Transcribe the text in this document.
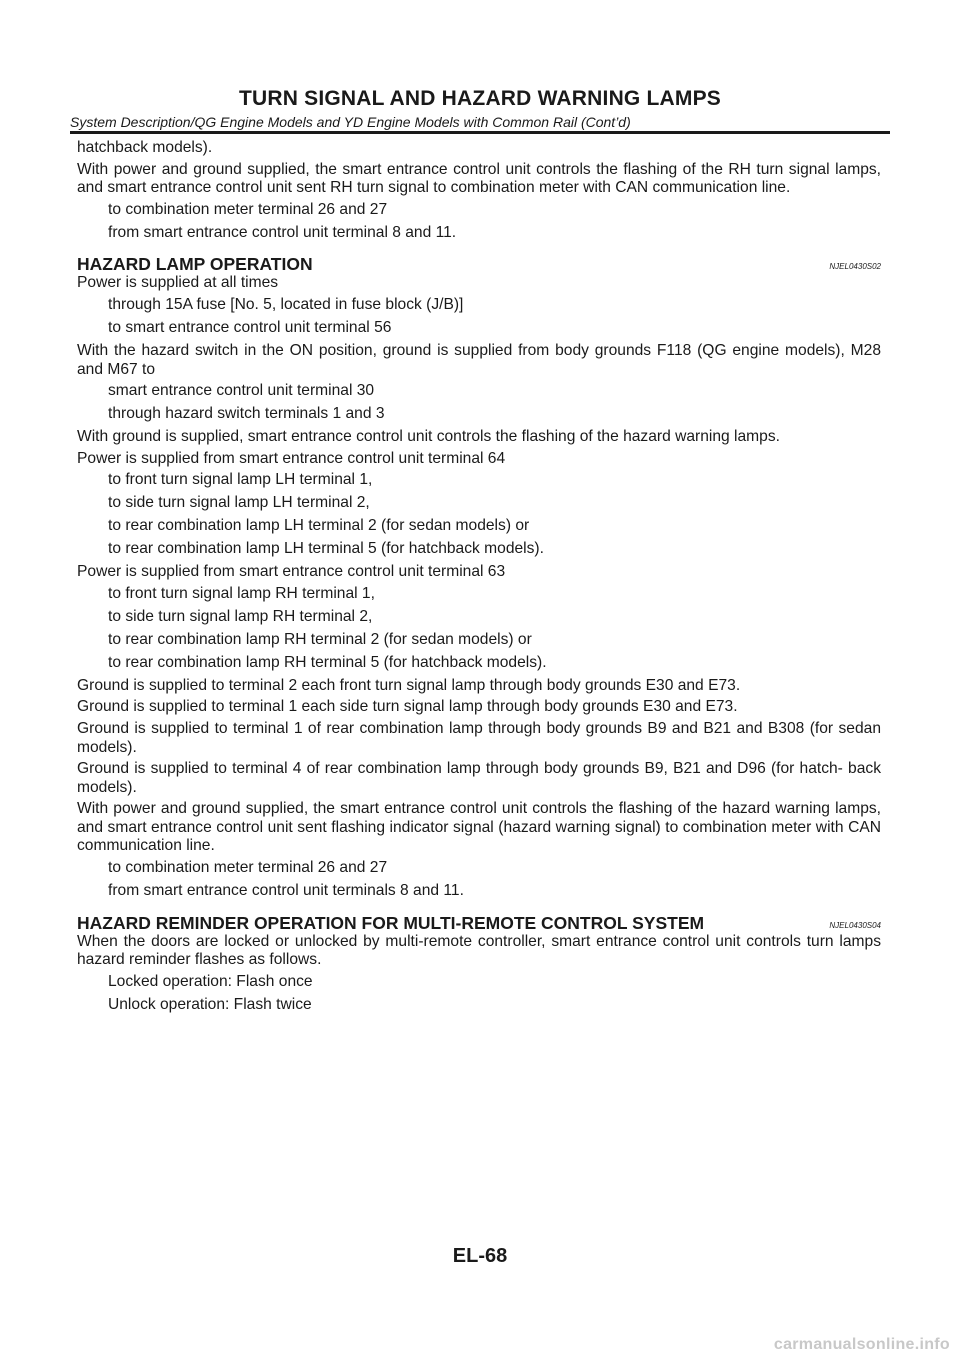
TURN SIGNAL AND HAZARD WARNING LAMPS
System Description/QG Engine Models and YD Engine Models with Common Rail (Cont’d)
hatchback models).
With power and ground supplied, the smart entrance control unit controls the flashing of the RH turn signal lamps, and smart entrance control unit sent RH turn signal to combination meter with CAN communication line.
to combination meter terminal 26 and 27
from smart entrance control unit terminal 8 and 11.
HAZARD LAMP OPERATION	NJEL0430S02
Power is supplied at all times
through 15A fuse [No. 5, located in fuse block (J/B)]
to smart entrance control unit terminal 56
With the hazard switch in the ON position, ground is supplied from body grounds F118 (QG engine models), M28 and M67 to
smart entrance control unit terminal 30
through hazard switch terminals 1 and 3
With ground is supplied, smart entrance control unit controls the flashing of the hazard warning lamps.
Power is supplied from smart entrance control unit terminal 64
to front turn signal lamp LH terminal 1,
to side turn signal lamp LH terminal 2,
to rear combination lamp LH terminal 2 (for sedan models) or
to rear combination lamp LH terminal 5 (for hatchback models).
Power is supplied from smart entrance control unit terminal 63
to front turn signal lamp RH terminal 1,
to side turn signal lamp RH terminal 2,
to rear combination lamp RH terminal 2 (for sedan models) or
to rear combination lamp RH terminal 5 (for hatchback models).
Ground is supplied to terminal 2 each front turn signal lamp through body grounds E30 and E73.
Ground is supplied to terminal 1 each side turn signal lamp through body grounds E30 and E73.
Ground is supplied to terminal 1 of rear combination lamp through body grounds B9 and B21 and B308 (for sedan models).
Ground is supplied to terminal 4 of rear combination lamp through body grounds B9, B21 and D96 (for hatch- back models).
With power and ground supplied, the smart entrance control unit controls the flashing of the hazard warning lamps, and smart entrance control unit sent flashing indicator signal (hazard warning signal) to combination meter with CAN communication line.
to combination meter terminal 26 and 27
from smart entrance control unit terminals 8 and 11.
HAZARD REMINDER OPERATION FOR MULTI-REMOTE CONTROL SYSTEM	NJEL0430S04
When the doors are locked or unlocked by multi-remote controller, smart entrance control unit controls turn lamps hazard reminder flashes as follows.
Locked operation: Flash once
Unlock operation: Flash twice
EL-68
carmanualsonline.info
